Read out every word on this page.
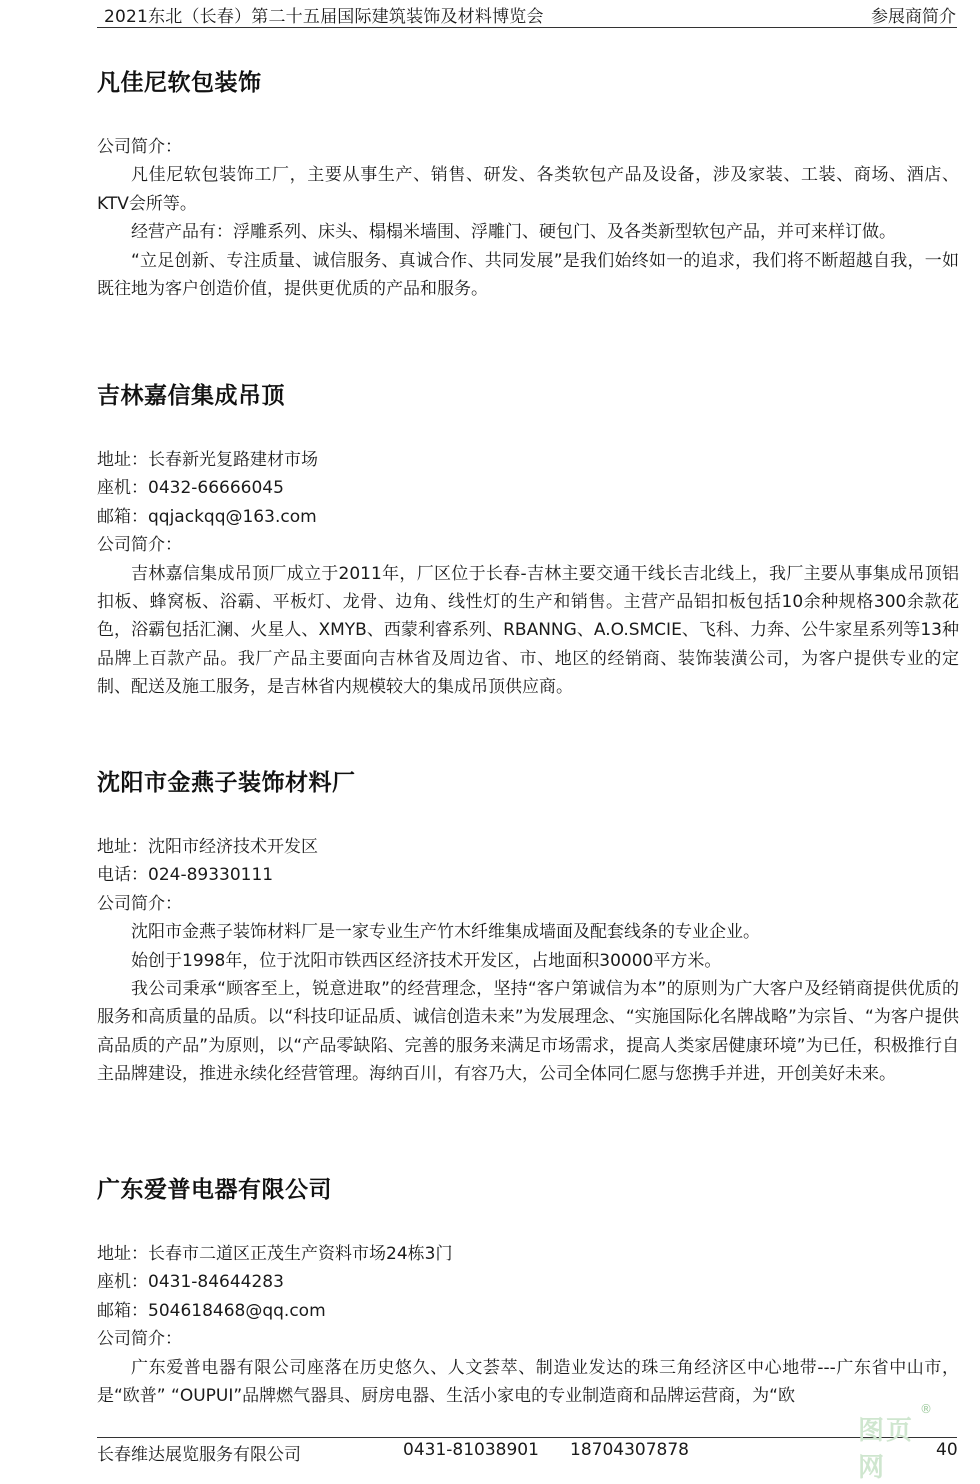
2021东北（长春）第二十五届国际建筑装饰及材料博览会	参展商简介
凡佳尼软包装饰
公司简介：
凡佳尼软包装饰工厂，主要从事生产、销售、研发、各类软包产品及设备，涉及家装、工装、商场、酒店、KTV会所等。
经营产品有：浮雕系列、床头、榻榻米墙围、浮雕门、硬包门、及各类新型软包产品，并可来样订做。
“立足创新、专注质量、诚信服务、真诚合作、共同发展”是我们始终如一的追求，我们将不断超越自我，一如既往地为客户创造价值，提供更优质的产品和服务。
吉林嘉信集成吊顶
地址：长春新光复路建材市场
座机：0432-66666045
邮箱：qqjackqq@163.com
公司简介：
吉林嘉信集成吊顶厂成立于2011年，厂区位于长春-吉林主要交通干线长吉北线上，我厂主要从事集成吊顶铝扣板、蜂窝板、浴霸、平板灯、龙骨、边角、线性灯的生产和销售。主营产品铝扣板包括10余种规格300余款花色，浴霸包括汇澜、火星人、XMYB、西蒙利睿系列、RBANNG、A.O.SMCIE、飞科、力奔、公牛家星系列等13种品牌上百款产品。我厂产品主要面向吉林省及周边省、市、地区的经销商、装饰装潢公司，为客户提供专业的定制、配送及施工服务，是吉林省内规模较大的集成吊顶供应商。
沈阳市金燕子装饰材料厂
地址：沈阳市经济技术开发区
电话：024-89330111
公司简介：
沈阳市金燕子装饰材料厂是一家专业生产竹木纤维集成墙面及配套线条的专业企业。
始创于1998年，位于沈阳市铁西区经济技术开发区，占地面积30000平方米。
我公司秉承“顾客至上，锐意进取”的经营理念，坚持“客户第诚信为本”的原则为广大客户及经销商提供优质的服务和高质量的品质。以“科技印证品质、诚信创造未来”为发展理念、“实施国际化名牌战略”为宗旨、“为客户提供高品质的产品”为原则，以“产品零缺陷、完善的服务来满足市场需求，提高人类家居健康环境”为已任，积极推行自主品牌建设，推进永续化经营管理。海纳百川，有容乃大，公司全体同仁愿与您携手并进，开创美好未来。
广东爱普电器有限公司
地址：长春市二道区正茂生产资料市场24栋3门
座机：0431-84644283
邮箱：504618468@qq.com
公司简介：
广东爱普电器有限公司座落在历史悠久、人文荟萃、制造业发达的珠三角经济区中心地带---广东省中山市，是“欧普” “OUPUI”品牌燃气器具、厨房电器、生活小家电的专业制造商和品牌运营商，为“欧
长春维达展览服务有限公司	0431-81038901 18704307878
图页网
®
40
